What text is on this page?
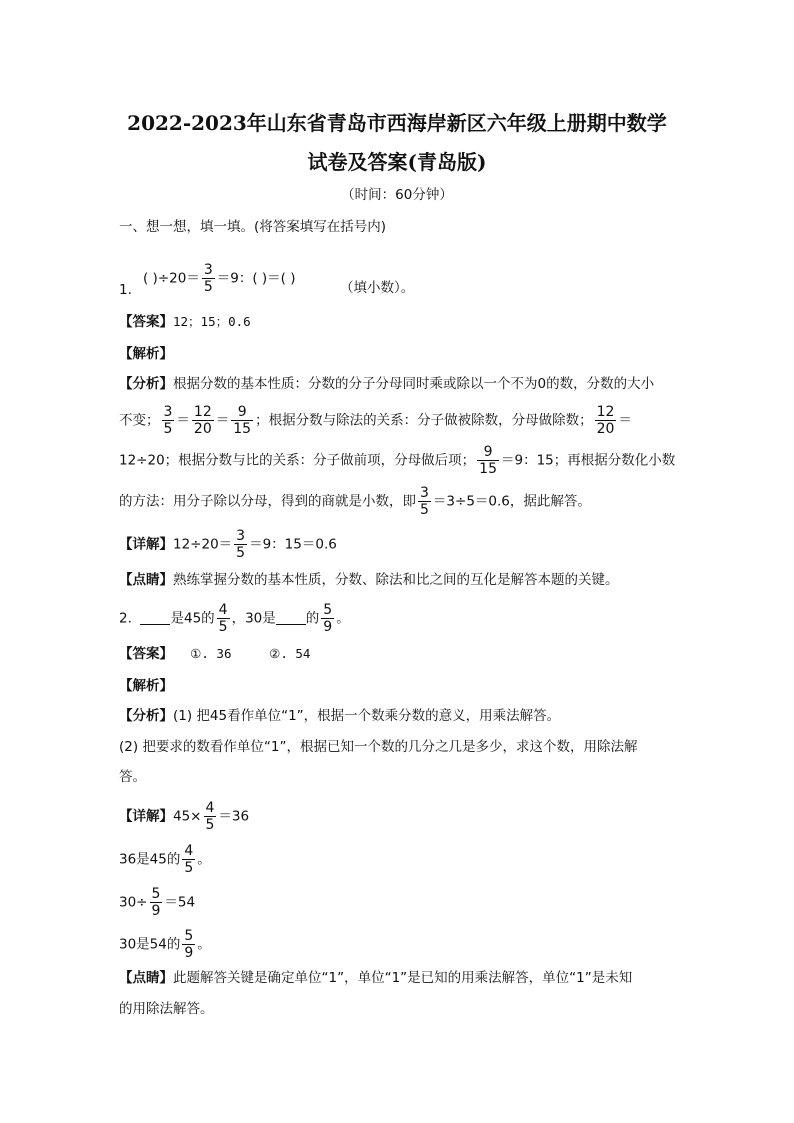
2022-2023年山东省青岛市西海岸新区六年级上册期中数学
试卷及答案(青岛版)
（时间：60分钟）
一、想一想，填一填。(将答案填写在括号内)
( )$\div 20= \frac{3}{5} =9$：( )＝( )
1.	（填小数）。
【答案】12；15；0.6
【解析】
【分析】根据分数的基本性质：分数的分子分母同时乘或除以一个不为0的数，分数的大小
不变； $\frac{3}{5} = \frac{12}{20} = \frac{9}{15}$ ；根据分数与除法的关系：分子做被除数，分母做除数； $\frac{12}{20}$ ＝
12÷20；根据分数与比的关系：分子做前项，分母做后项； $\frac{9}{15} =9$：15；再根据分数化小数
的方法：用分子除以分母，得到的商就是小数，即 $\frac{3}{5} =3\div 5=0.6$，据此解答。
【详解】$12\div 20= \frac{3}{5} =9$：15＝0.6
【点睛】熟练掌握分数的基本性质，分数、除法和比之间的互化是解答本题的关键。
2.	是45的 $\frac{4}{5}$ ，30是 的 $\frac{5}{9}$ 。
【答案】 ①. 36     ②. 54
【解析】
【分析】(1) 把45看作单位“1”，根据一个数乘分数的意义，用乘法解答。
(2) 把要求的数看作单位“1”，根据已知一个数的几分之几是多少，求这个数，用除法解
答。
【详解】$45\times \frac{4}{5} =36$
36是45的 $\frac{4}{5}$ 。
$30\div \frac{5}{9} =54$
30是54的 $\frac{5}{9}$ 。
【点睛】此题解答关键是确定单位“1”，单位“1”是已知的用乘法解答，单位“1”是未知
的用除法解答。
